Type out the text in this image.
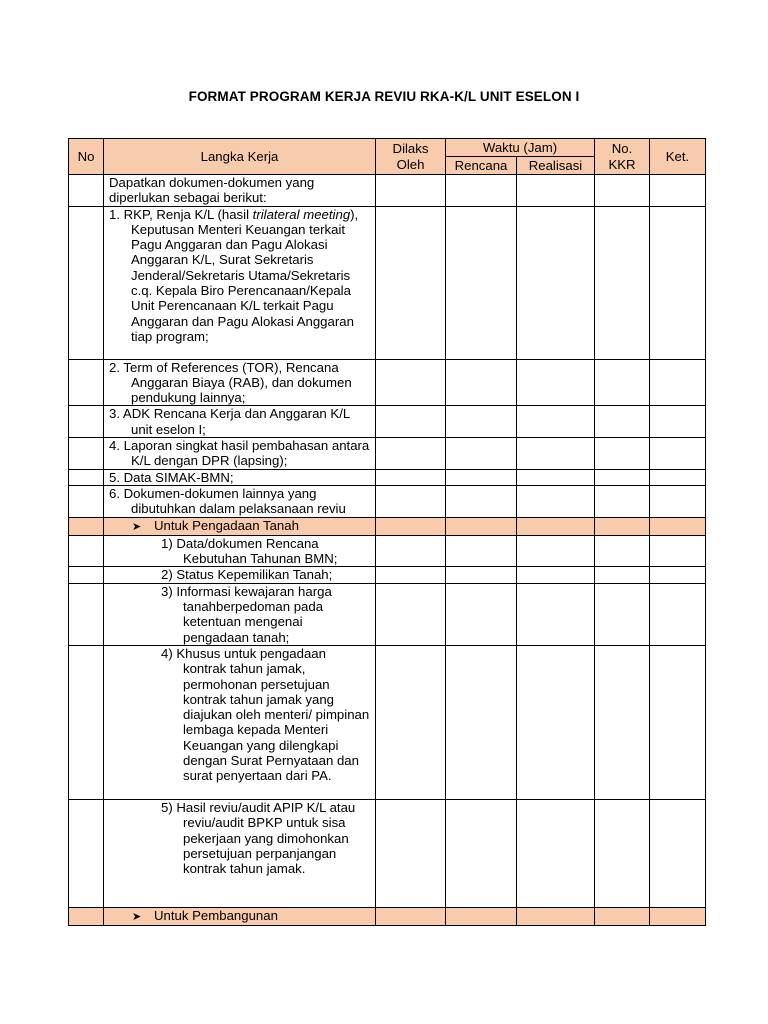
FORMAT PROGRAM KERJA REVIU RKA-K/L UNIT ESELON I
No	Langka Kerja	Dilaks Oleh	Waktu (Jam)		No. KKR	Ket.
			Rencana	Realisasi		
	Dapatkan dokumen-dokumen yang diperlukan sebagai berikut:					

	1. RKP, Renja K/L (hasil trilateral meeting), Keputusan Menteri Keuangan terkait Pagu Anggaran dan Pagu Alokasi Anggaran K/L, Surat Sekretaris Jenderal/Sekretaris Utama/Sekretaris c.q. Kepala Biro Perencanaan/Kepala Unit Perencanaan K/L terkait Pagu Anggaran dan Pagu Alokasi Anggaran tiap program;					

	2. Term of References (TOR), Rencana Anggaran Biaya (RAB), dan dokumen pendukung lainnya;					

	3. ADK Rencana Kerja dan Anggaran K/L unit eselon I;					

	4. Laporan singkat hasil pembahasan antara K/L dengan DPR (lapsing);					

	5. Data SIMAK-BMN;					

	6. Dokumen-dokumen lainnya yang dibutuhkan dalam pelaksanaan reviu					

	➤ Untuk Pengadaan Tanah					

	1) Data/dokumen Rencana Kebutuhan Tahunan BMN;					

	2) Status Kepemilikan Tanah;					

	3) Informasi kewajaran harga tanahberpedoman pada ketentuan mengenai pengadaan tanah;					

	4) Khusus untuk pengadaan kontrak tahun jamak, permohonan persetujuan kontrak tahun jamak yang diajukan oleh menteri/ pimpinan lembaga kepada Menteri Keuangan yang dilengkapi dengan Surat Pernyataan dan surat penyertaan dari PA.					

	5) Hasil reviu/audit APIP K/L atau reviu/audit BPKP untuk sisa pekerjaan yang dimohonkan persetujuan perpanjangan kontrak tahun jamak.					

	➤ Untuk Pembangunan					
